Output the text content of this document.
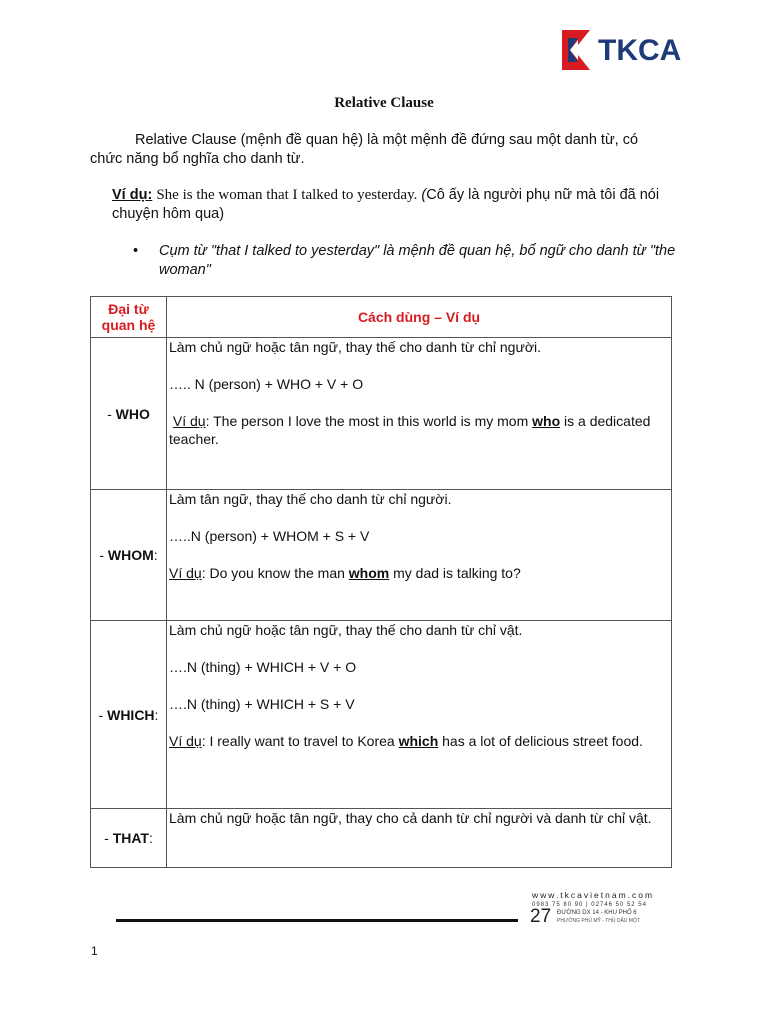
TKCA
Relative Clause
Relative Clause (mệnh đề quan hệ) là một mệnh đề đứng sau một danh từ, có chức năng bổ nghĩa cho danh từ.
Ví dụ: She is the woman that I talked to yesterday. (Cô ấy là người phụ nữ mà tôi đã nói chuyện hôm qua)
•	Cụm từ "that I talked to yesterday" là mệnh đề quan hệ, bổ ngữ cho danh từ "the woman"
Đại từ quan hệ	Cách dùng – Ví dụ
- WHO	Làm chủ ngữ hoặc tân ngữ, thay thế cho danh từ chỉ người.

….. N (person) + WHO + V + O

Ví dụ: The person I love the most in this world is my mom who is a dedicated teacher.

- WHOM:	Làm tân ngữ, thay thế cho danh từ chỉ người.

…..N (person) + WHOM + S + V

Ví dụ: Do you know the man whom my dad is talking to?

- WHICH:	Làm chủ ngữ hoặc tân ngữ, thay thế cho danh từ chỉ vật.

….N (thing) + WHICH + V + O

….N (thing) + WHICH + S + V

Ví dụ: I really want to travel to Korea which has a lot of delicious street food.

- THAT:	Làm chủ ngữ hoặc tân ngữ, thay cho cả danh từ chỉ người và danh từ chỉ vật.

www.tkcavietnam.com
0983 75 80 90 | 02746 50 52 54
27 ĐƯỜNG DX 14 - KHU PHỐ 6
PHƯỜNG PHÚ MỸ - THỦ DẦU MỘT
1
